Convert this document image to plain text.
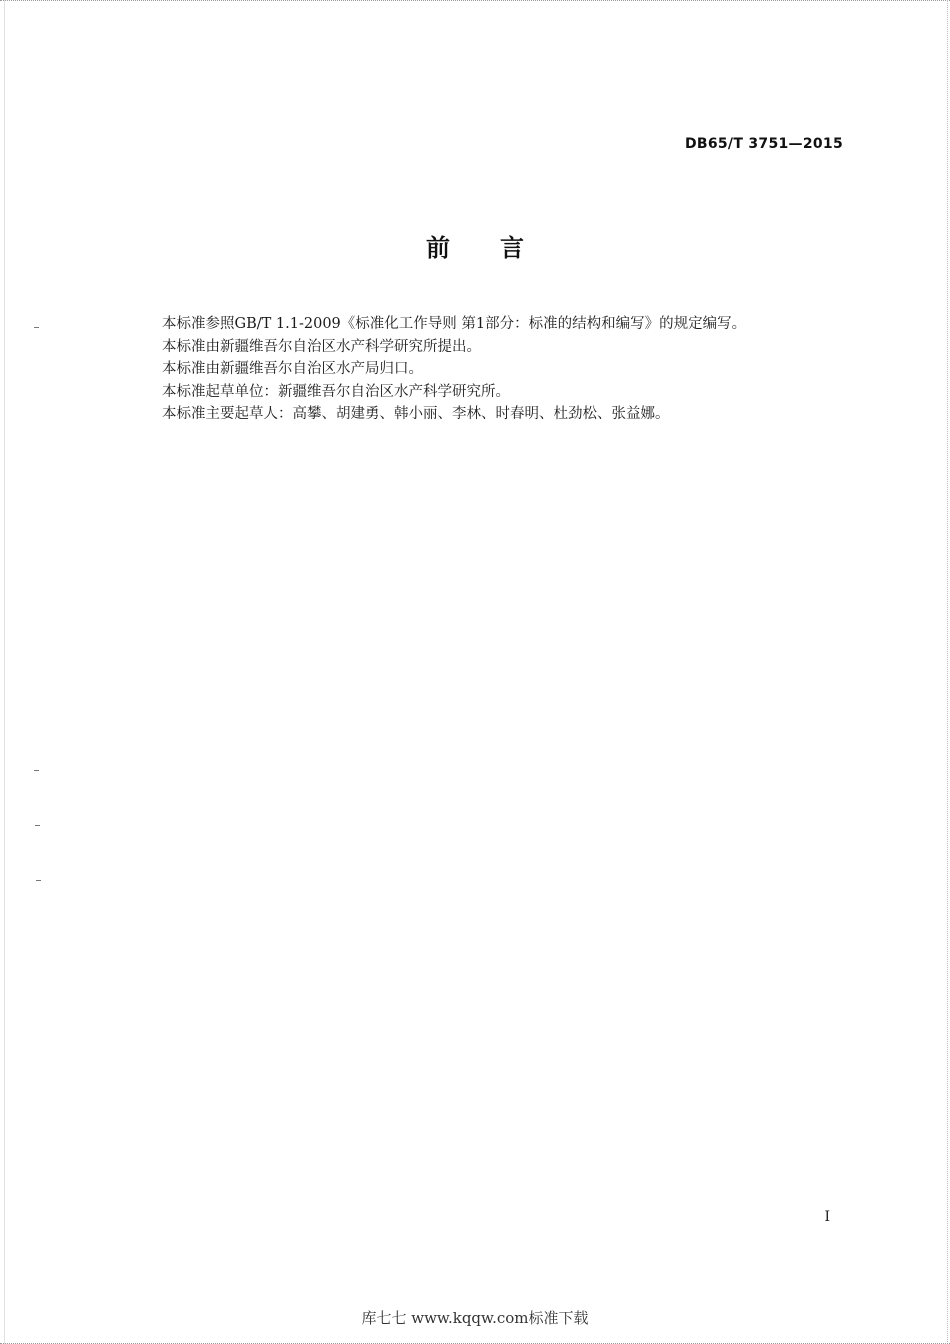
DB65/T 3751—2015
前 言

本标准参照GB/T 1.1-2009《标准化工作导则 第1部分：标准的结构和编写》的规定编写。

本标准由新疆维吾尔自治区水产科学研究所提出。

本标准由新疆维吾尔自治区水产局归口。

本标准起草单位：新疆维吾尔自治区水产科学研究所。

本标准主要起草人：高攀、胡建勇、韩小丽、李林、时春明、杜劲松、张益娜。

I
库七七 www.kqqw.com标准下载
